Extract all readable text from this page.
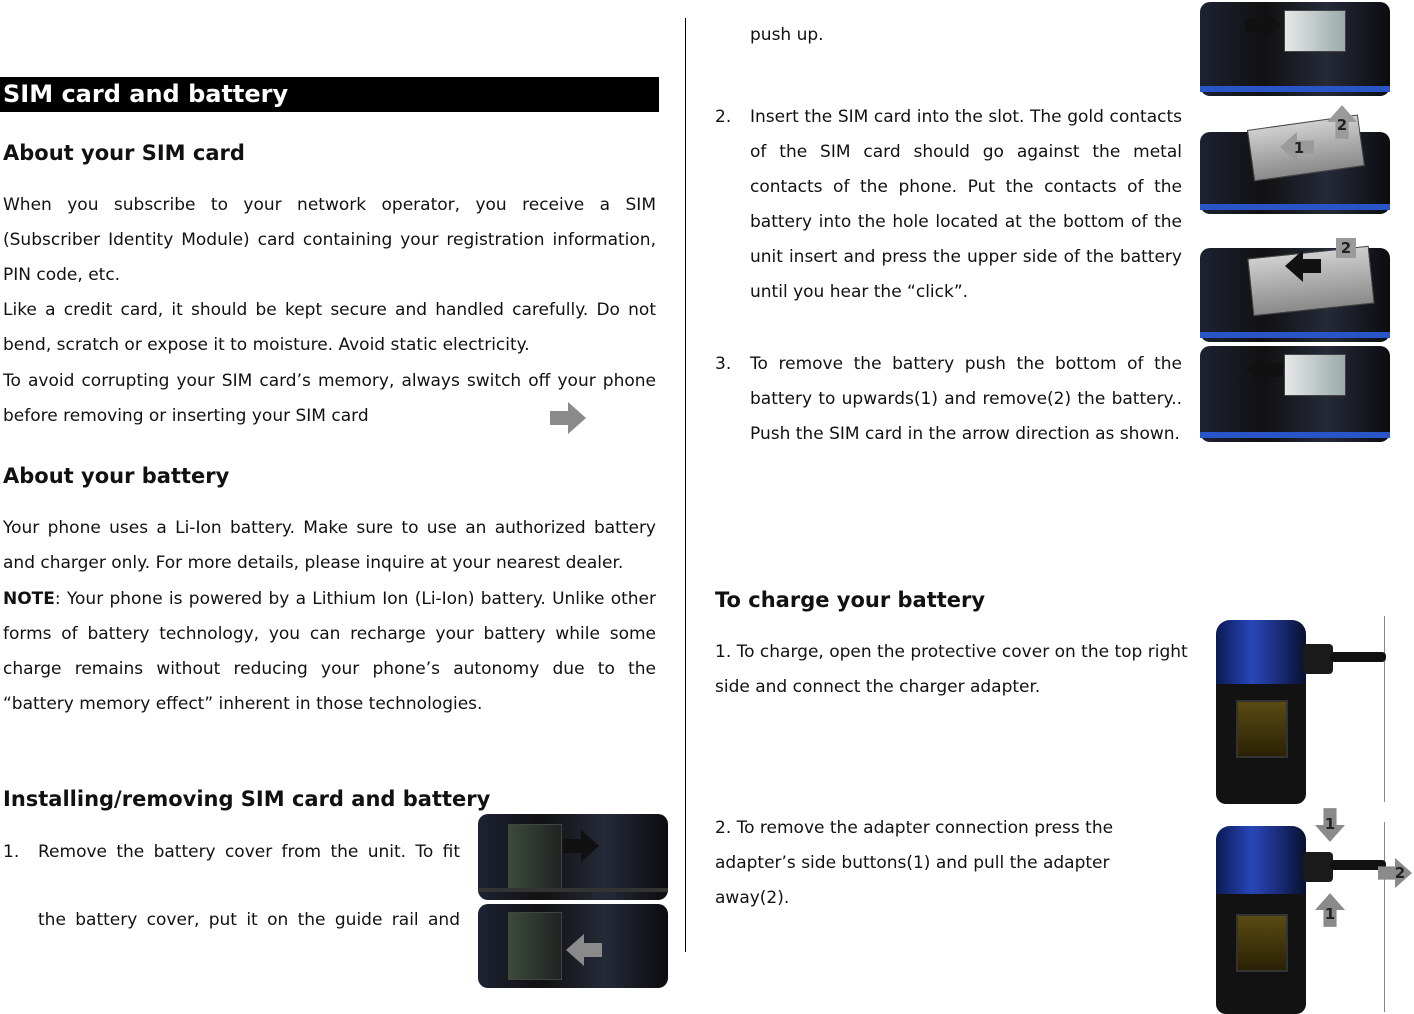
SIM card and battery
About your SIM card
When you subscribe to your network operator, you receive a SIM (Subscriber Identity Module) card containing your registration information, PIN code, etc.
Like a credit card, it should be kept secure and handled carefully. Do not bend, scratch or expose it to moisture. Avoid static electricity.
To avoid corrupting your SIM card’s memory, always switch off your phone before removing or inserting your SIM card
About your battery
Your phone uses a Li-Ion battery. Make sure to use an authorized battery and charger only. For more details, please inquire at your nearest dealer.
NOTE: Your phone is powered by a Lithium Ion (Li-Ion) battery. Unlike other forms of battery technology, you can recharge your battery while some charge remains without reducing your phone’s autonomy due to the “battery memory effect” inherent in those technologies.
Installing/removing SIM card and battery
1. Remove the battery cover from the unit. To fit
the battery cover, put it on the guide rail and
push up.
2. Insert the SIM card into the slot. The gold contacts of the SIM card should go against the metal contacts of the phone. Put the contacts of the battery into the hole located at the bottom of the unit insert and press the upper side of the battery until you hear the “click”.
3. To remove the battery push the bottom of the battery to upwards(1) and remove(2) the battery.. Push the SIM card in the arrow direction as shown.
1
2
2
To charge your battery
1. To charge, open the protective cover on the top right side and connect the charger adapter.
2. To remove the adapter connection press the adapter’s side buttons(1) and pull the adapter away(2).
1
1
2
